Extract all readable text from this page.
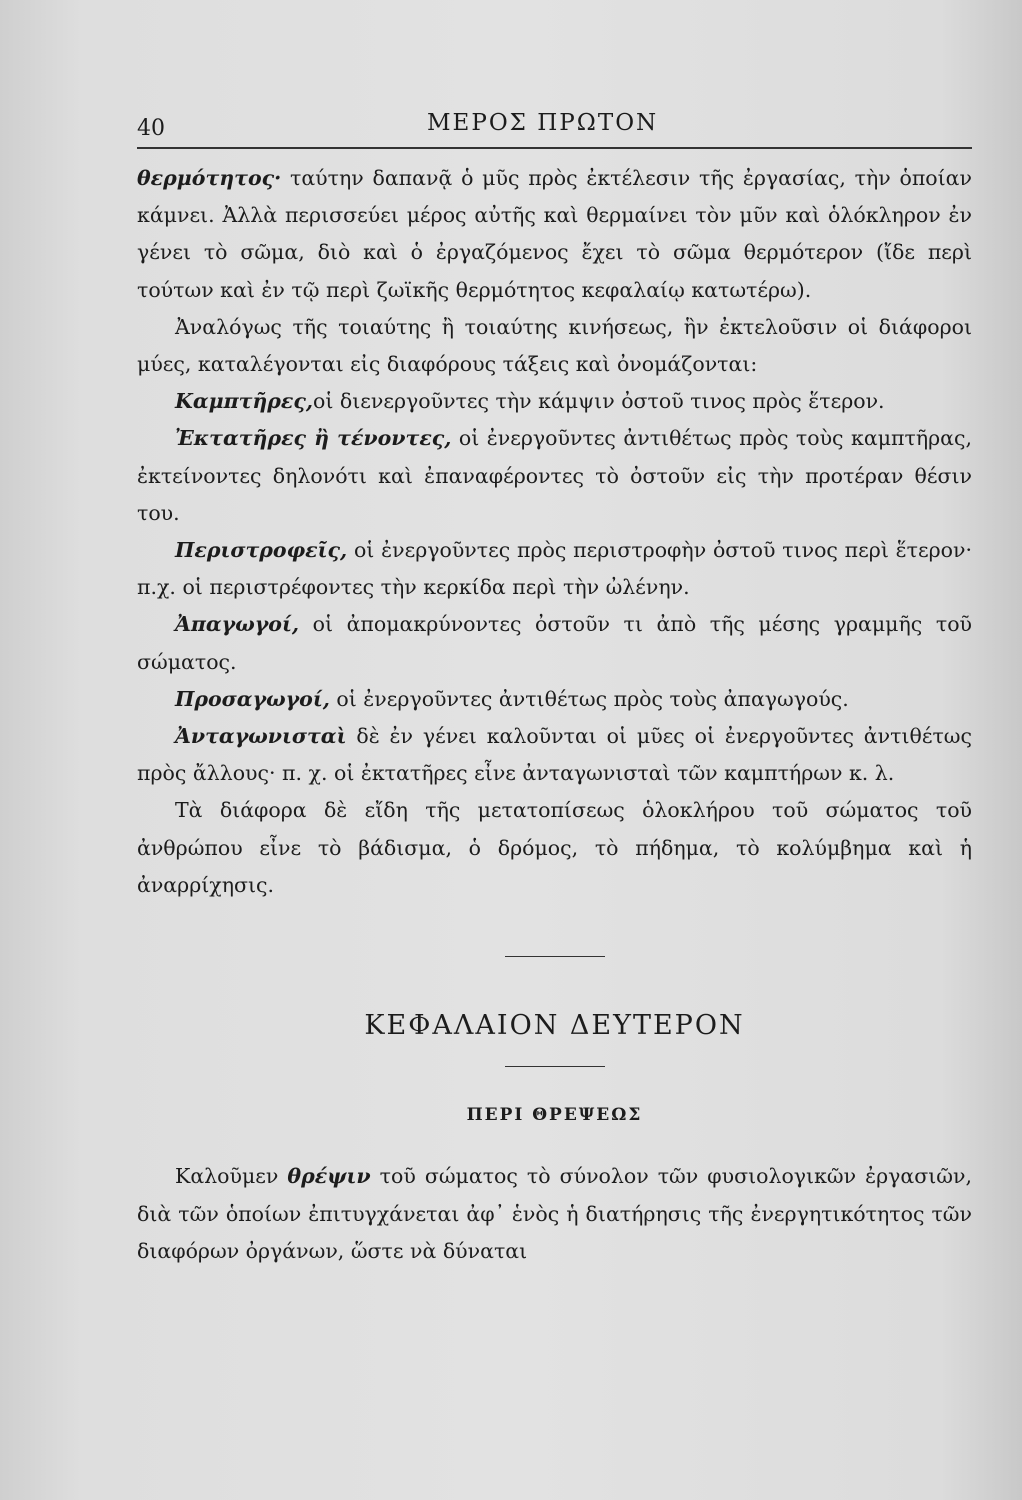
40	ΜΕΡΟΣ ΠΡΩΤΟΝ

θερμότητος· ταύτην δαπανᾷ ὁ μῦς πρὸς ἐκτέλεσιν τῆς ἐργασίας, τὴν ὁποίαν κάμνει. Ἀλλὰ περισσεύει μέρος αὐτῆς καὶ θερμαίνει τὸν μῦν καὶ ὁλόκληρον ἐν γένει τὸ σῶμα, διὸ καὶ ὁ ἐργαζόμενος ἔχει τὸ σῶμα θερμότερον (ἴδε περὶ τούτων καὶ ἐν τῷ περὶ ζωϊκῆς θερμότητος κεφαλαίῳ κατωτέρω).

Ἀναλόγως τῆς τοιαύτης ἢ τοιαύτης κινήσεως, ἣν ἐκτελοῦσιν οἱ διάφοροι μύες, καταλέγονται εἰς διαφόρους τάξεις καὶ ὀνομάζονται:

Καμπτῆρες,οἱ διενεργοῦντες τὴν κάμψιν ὀστοῦ τινος πρὸς ἕτερον.

Ἐκτατῆρες ἢ τένοντες, οἱ ἐνεργοῦντες ἀντιθέτως πρὸς τοὺς καμπτῆρας, ἐκτείνοντες δηλονότι καὶ ἐπαναφέροντες τὸ ὀστοῦν εἰς τὴν προτέραν θέσιν του.

Περιστροφεῖς, οἱ ἐνεργοῦντες πρὸς περιστροφὴν ὀστοῦ τινος περὶ ἕτερον· π.χ. οἱ περιστρέφοντες τὴν κερκίδα περὶ τὴν ὠλένην.

Ἀπαγωγοί, οἱ ἀπομακρύνοντες ὀστοῦν τι ἀπὸ τῆς μέσης γραμμῆς τοῦ σώματος.

Προσαγωγοί, οἱ ἐνεργοῦντες ἀντιθέτως πρὸς τοὺς ἀπαγωγούς.

Ἀνταγωνισταὶ δὲ ἐν γένει καλοῦνται οἱ μῦες οἱ ἐνεργοῦντες ἀντιθέτως πρὸς ἄλλους· π. χ. οἱ ἐκτατῆρες εἶνε ἀνταγωνισταὶ τῶν καμπτήρων κ. λ.

Τὰ διάφορα δὲ εἴδη τῆς μετατοπίσεως ὁλοκλήρου τοῦ σώματος τοῦ ἀνθρώπου εἶνε τὸ βάδισμα, ὁ δρόμος, τὸ πήδημα, τὸ κολύμβημα καὶ ἡ ἀναρρίχησις.

ΚΕΦΑΛΑΙΟΝ ΔΕΥΤΕΡΟΝ

ΠΕΡΙ ΘΡΕΨΕΩΣ

Καλοῦμεν θρέψιν τοῦ σώματος τὸ σύνολον τῶν φυσιολογικῶν ἐργασιῶν, διὰ τῶν ὁποίων ἐπιτυγχάνεται ἀφ᾽ ἑνὸς ἡ διατήρησις τῆς ἐνεργητικότητος τῶν διαφόρων ὀργάνων, ὥστε νὰ δύναται
